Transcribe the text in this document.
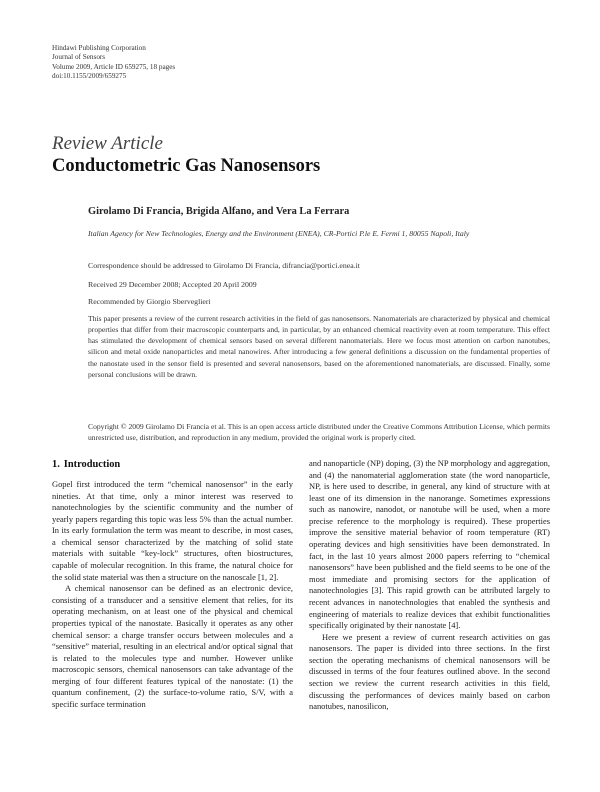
Hindawi Publishing Corporation
Journal of Sensors
Volume 2009, Article ID 659275, 18 pages
doi:10.1155/2009/659275
Review Article
Conductometric Gas Nanosensors
Girolamo Di Francia, Brigida Alfano, and Vera La Ferrara
Italian Agency for New Technologies, Energy and the Environment (ENEA), CR-Portici P.le E. Fermi 1, 80055 Napoli, Italy
Correspondence should be addressed to Girolamo Di Francia, difrancia@portici.enea.it
Received 29 December 2008; Accepted 20 April 2009
Recommended by Giorgio Sberveglieri
This paper presents a review of the current research activities in the field of gas nanosensors. Nanomaterials are characterized by physical and chemical properties that differ from their macroscopic counterparts and, in particular, by an enhanced chemical reactivity even at room temperature. This effect has stimulated the development of chemical sensors based on several different nanomaterials. Here we focus most attention on carbon nanotubes, silicon and metal oxide nanoparticles and metal nanowires. After introducing a few general definitions a discussion on the fundamental properties of the nanostate used in the sensor field is presented and several nanosensors, based on the aforementioned nanomaterials, are discussed. Finally, some personal conclusions will be drawn.
Copyright © 2009 Girolamo Di Francia et al. This is an open access article distributed under the Creative Commons Attribution License, which permits unrestricted use, distribution, and reproduction in any medium, provided the original work is properly cited.
1. Introduction

Gopel first introduced the term “chemical nanosensor” in the early nineties. At that time, only a minor interest was reserved to nanotechnologies by the scientific community and the number of yearly papers regarding this topic was less 5% than the actual number. In its early formulation the term was meant to describe, in most cases, a chemical sensor characterized by the matching of solid state materials with suitable “key-lock” structures, often biostructures, capable of molecular recognition. In this frame, the natural choice for the solid state material was then a structure on the nanoscale [1, 2].

A chemical nanosensor can be defined as an electronic device, consisting of a transducer and a sensitive element that relies, for its operating mechanism, on at least one of the physical and chemical properties typical of the nanostate. Basically it operates as any other chemical sensor: a charge transfer occurs between molecules and a “sensitive” material, resulting in an electrical and/or optical signal that is related to the molecules type and number. However unlike macroscopic sensors, chemical nanosensors can take advantage of the merging of four different features typical of the nanostate: (1) the quantum confinement, (2) the surface-to-volume ratio, S/V, with a specific surface termination

and nanoparticle (NP) doping, (3) the NP morphology and aggregation, and (4) the nanomaterial agglomeration state (the word nanoparticle, NP, is here used to describe, in general, any kind of structure with at least one of its dimension in the nanorange. Sometimes expressions such as nanowire, nanodot, or nanotube will be used, when a more precise reference to the morphology is required). These properties improve the sensitive material behavior of room temperature (RT) operating devices and high sensitivities have been demonstrated. In fact, in the last 10 years almost 2000 papers referring to “chemical nanosensors” have been published and the field seems to be one of the most immediate and promising sectors for the application of nanotechnologies [3]. This rapid growth can be attributed largely to recent advances in nanotechnologies that enabled the synthesis and engineering of materials to realize devices that exhibit functionalities specifically originated by their nanostate [4].

Here we present a review of current research activities on gas nanosensors. The paper is divided into three sections. In the first section the operating mechanisms of chemical nanosensors will be discussed in terms of the four features outlined above. In the second section we review the current research activities in this field, discussing the performances of devices mainly based on carbon nanotubes, nanosilicon,
